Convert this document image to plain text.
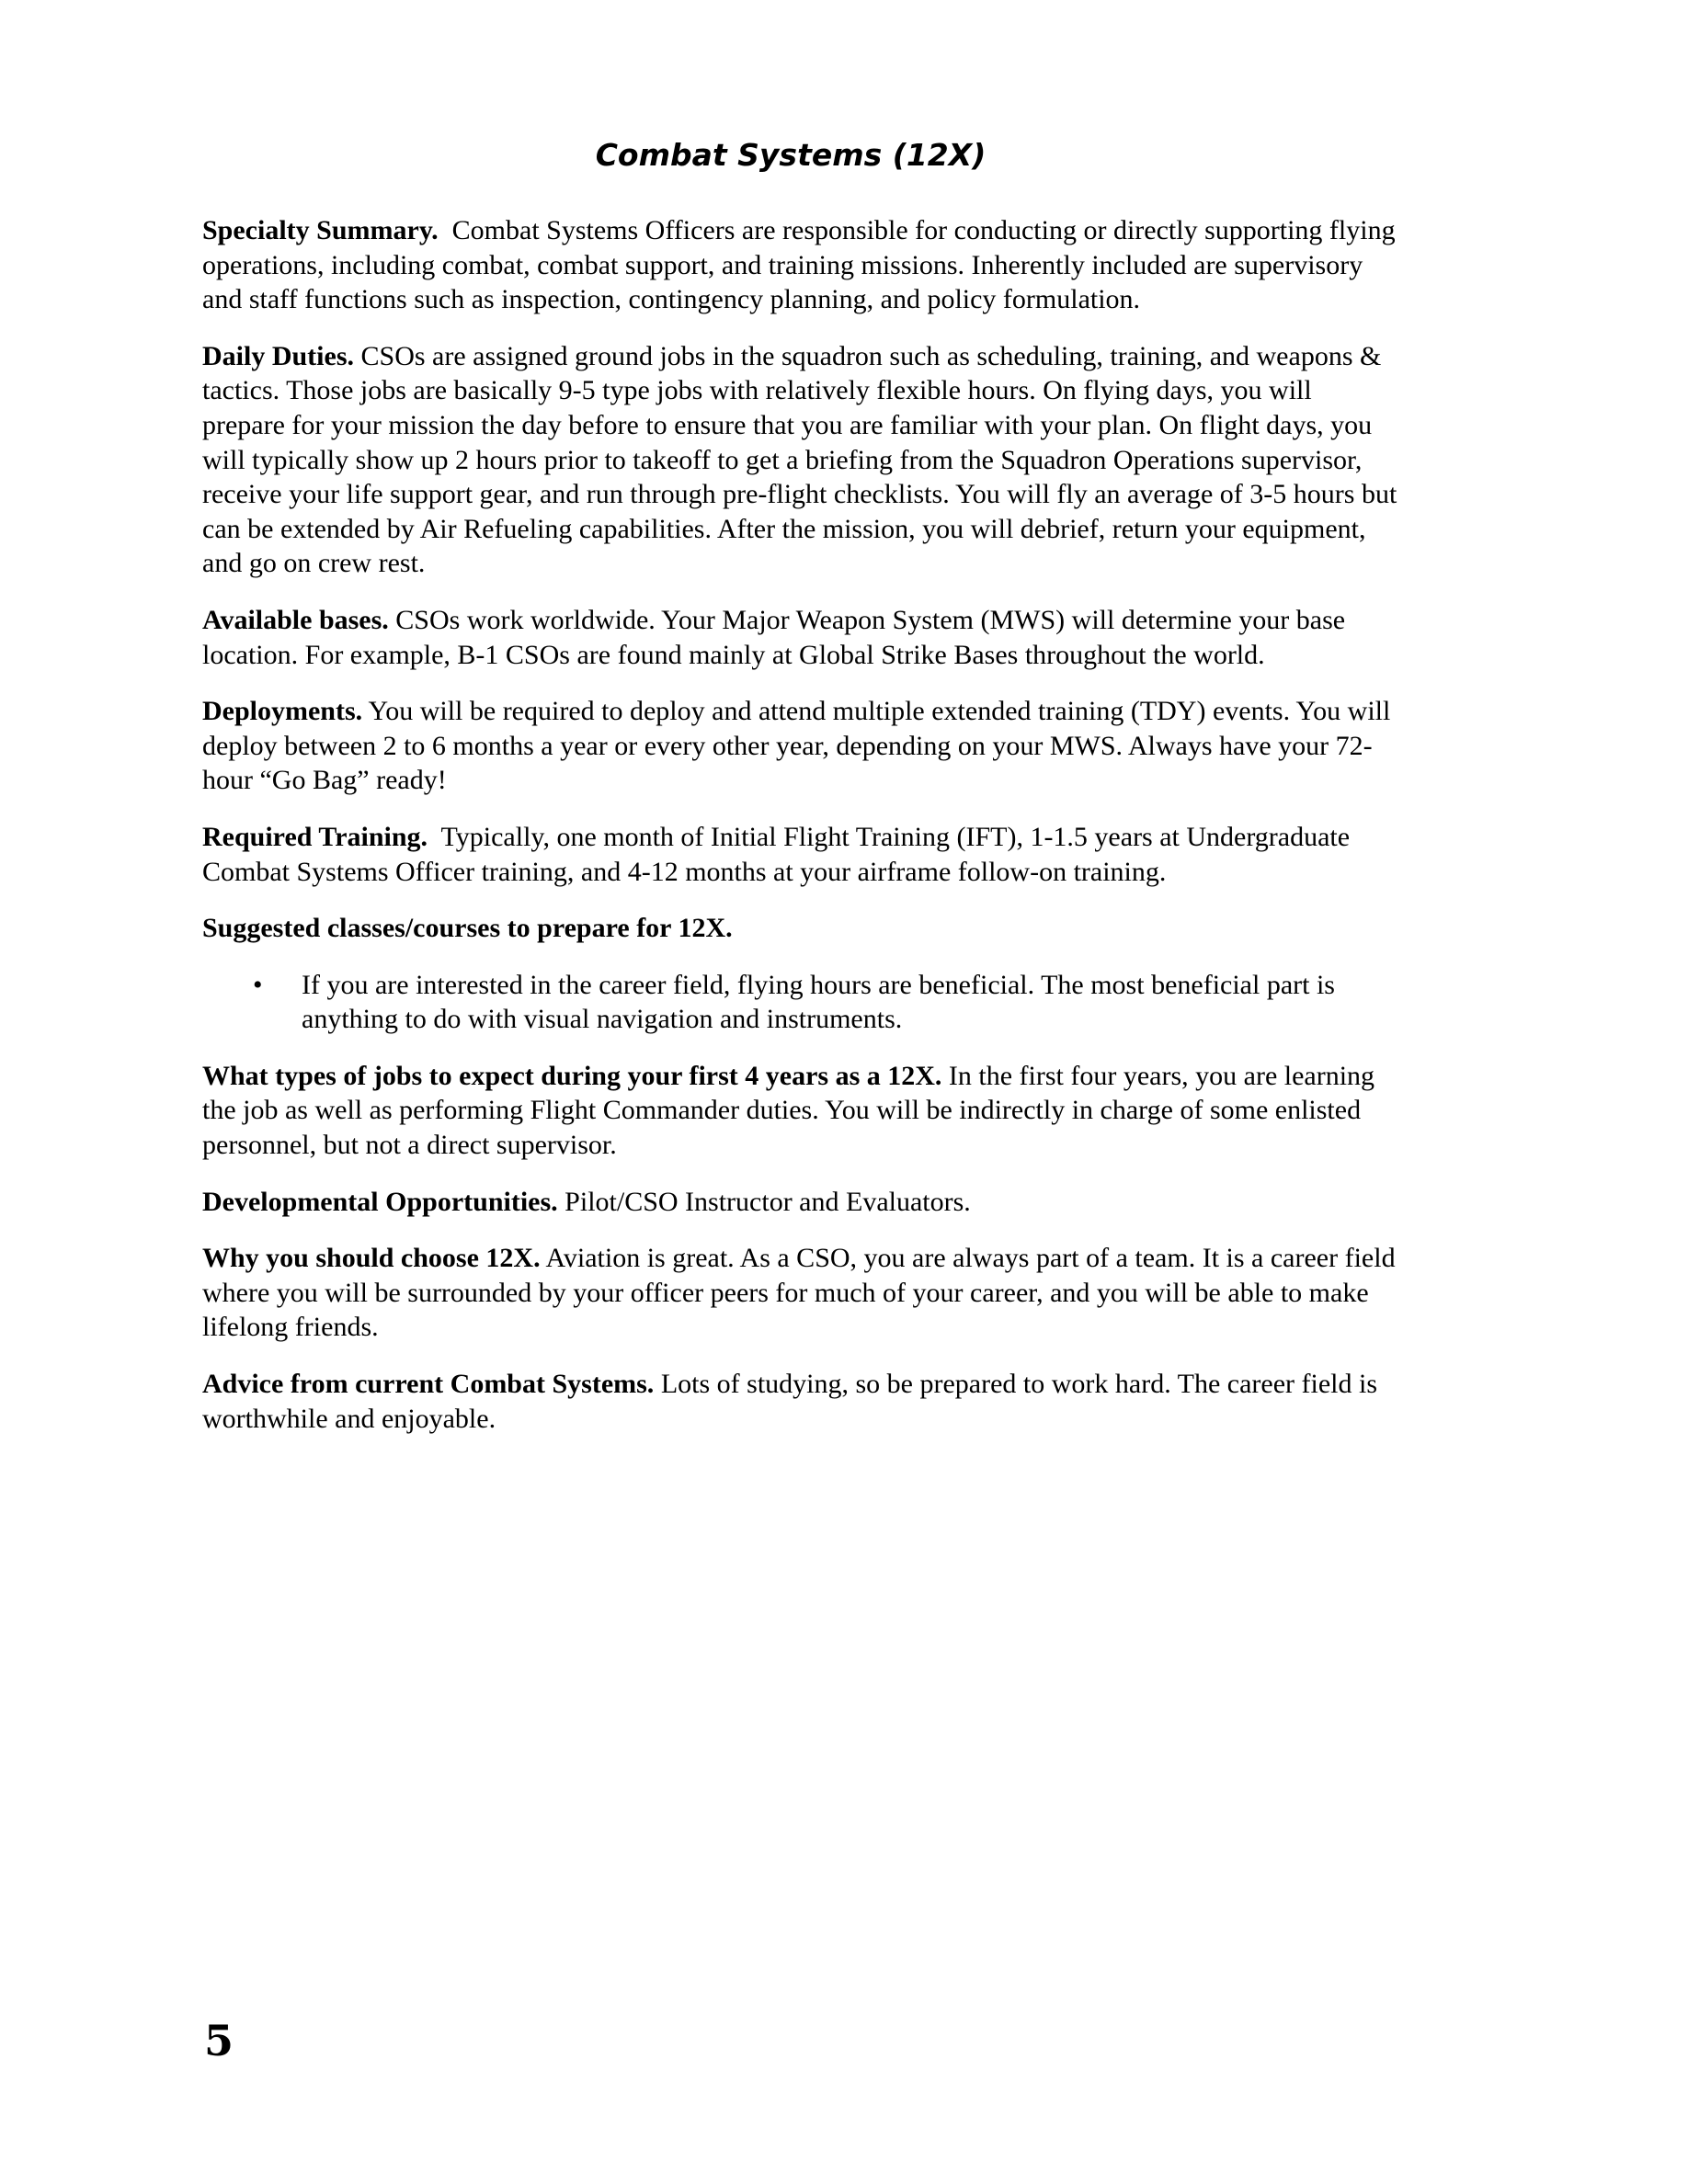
Combat Systems (12X)

Specialty Summary. Combat Systems Officers are responsible for conducting or directly supporting flying operations, including combat, combat support, and training missions. Inherently included are supervisory and staff functions such as inspection, contingency planning, and policy formulation.

Daily Duties. CSOs are assigned ground jobs in the squadron such as scheduling, training, and weapons & tactics. Those jobs are basically 9-5 type jobs with relatively flexible hours. On flying days, you will prepare for your mission the day before to ensure that you are familiar with your plan. On flight days, you will typically show up 2 hours prior to takeoff to get a briefing from the Squadron Operations supervisor, receive your life support gear, and run through pre-flight checklists. You will fly an average of 3-5 hours but can be extended by Air Refueling capabilities. After the mission, you will debrief, return your equipment, and go on crew rest.

Available bases. CSOs work worldwide. Your Major Weapon System (MWS) will determine your base location. For example, B-1 CSOs are found mainly at Global Strike Bases throughout the world.

Deployments. You will be required to deploy and attend multiple extended training (TDY) events. You will deploy between 2 to 6 months a year or every other year, depending on your MWS. Always have your 72-hour “Go Bag” ready!

Required Training. Typically, one month of Initial Flight Training (IFT), 1-1.5 years at Undergraduate Combat Systems Officer training, and 4-12 months at your airframe follow-on training.

Suggested classes/courses to prepare for 12X.

• If you are interested in the career field, flying hours are beneficial. The most beneficial part is anything to do with visual navigation and instruments.

What types of jobs to expect during your first 4 years as a 12X. In the first four years, you are learning the job as well as performing Flight Commander duties. You will be indirectly in charge of some enlisted personnel, but not a direct supervisor.

Developmental Opportunities. Pilot/CSO Instructor and Evaluators.

Why you should choose 12X. Aviation is great. As a CSO, you are always part of a team. It is a career field where you will be surrounded by your officer peers for much of your career, and you will be able to make lifelong friends.

Advice from current Combat Systems. Lots of studying, so be prepared to work hard. The career field is worthwhile and enjoyable.

5
